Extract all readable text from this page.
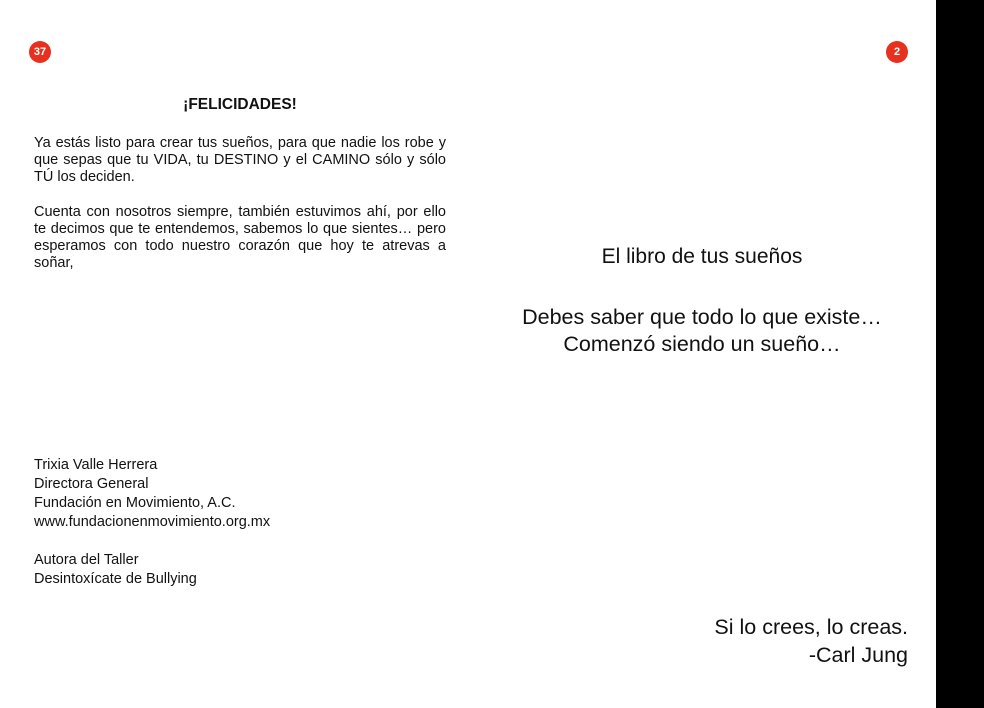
37	2
¡FELICIDADES!

Ya estás listo para crear tus sueños, para que nadie los robe y que sepas que tu VIDA, tu DESTINO y el CAMINO sólo y sólo TÚ los deciden.

Cuenta con nosotros siempre, también estuvimos ahí, por ello te decimos que te entendemos, sabemos lo que sientes… pero esperamos con todo nuestro corazón que hoy te atrevas a soñar,

Trixia Valle Herrera
Directora General
Fundación en Movimiento, A.C.
www.fundacionenmovimiento.org.mx
Autora del Taller
Desintoxícate de Bullying
El libro de tus sueños
Debes saber que todo lo que existe…
Comenzó siendo un sueño…
Si lo crees, lo creas.
-Carl Jung
